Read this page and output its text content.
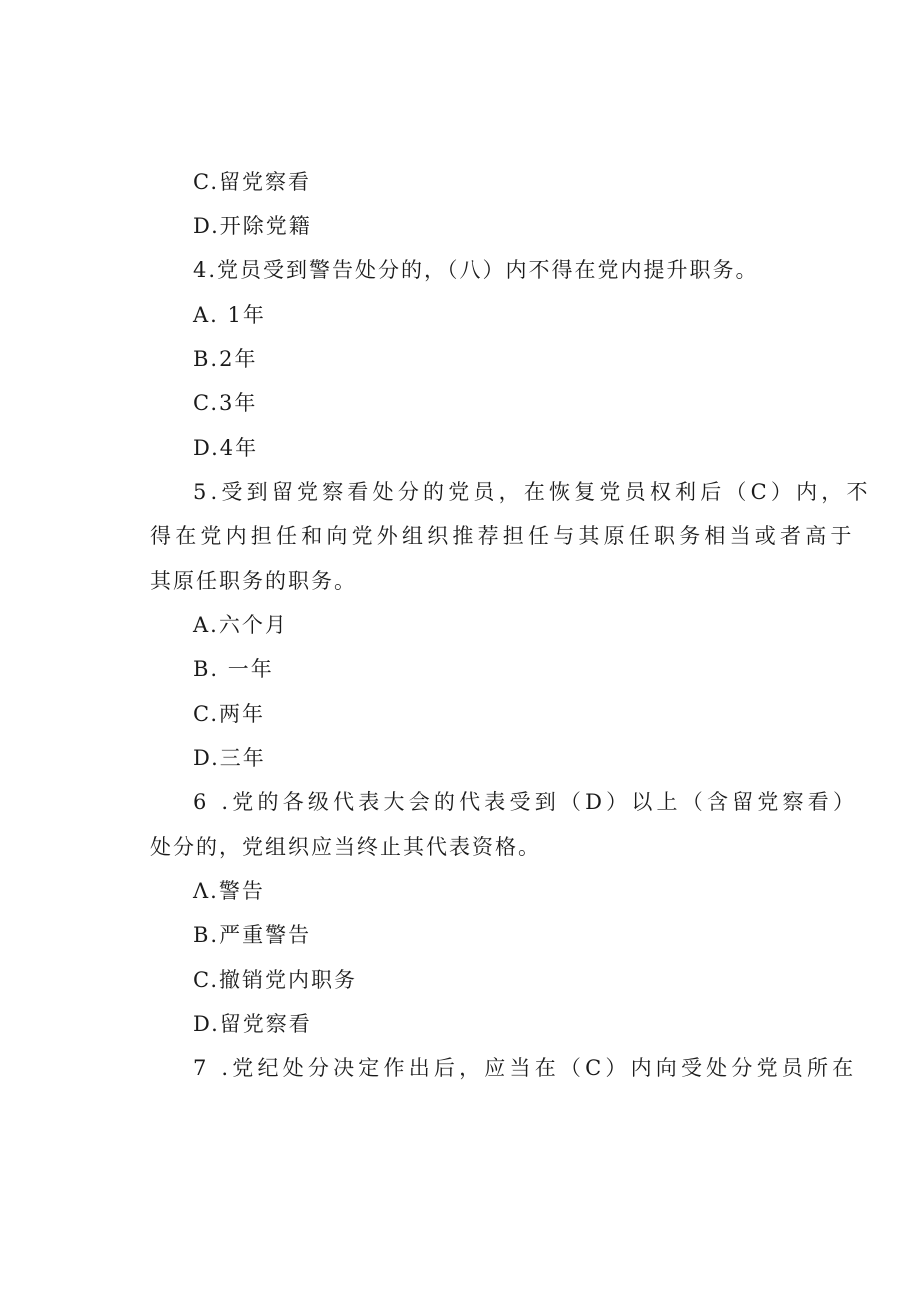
C.留党察看
D.开除党籍
4.党员受到警告处分的，（八）内不得在党内提升职务。
A. 1年
B.2年
C.3年
D.4年
5.受到留党察看处分的党员，在恢复党员权利后（C）内，不
得在党内担任和向党外组织推荐担任与其原任职务相当或者高于
其原任职务的职务。
A.六个月
B. 一年
C.两年
D.三年
6 .党的各级代表大会的代表受到（D）以上（含留党察看）
处分的，党组织应当终止其代表资格。
Λ.警告
B.严重警告
C.撤销党内职务
D.留党察看
7 .党纪处分决定作出后，应当在（C）内向受处分党员所在
